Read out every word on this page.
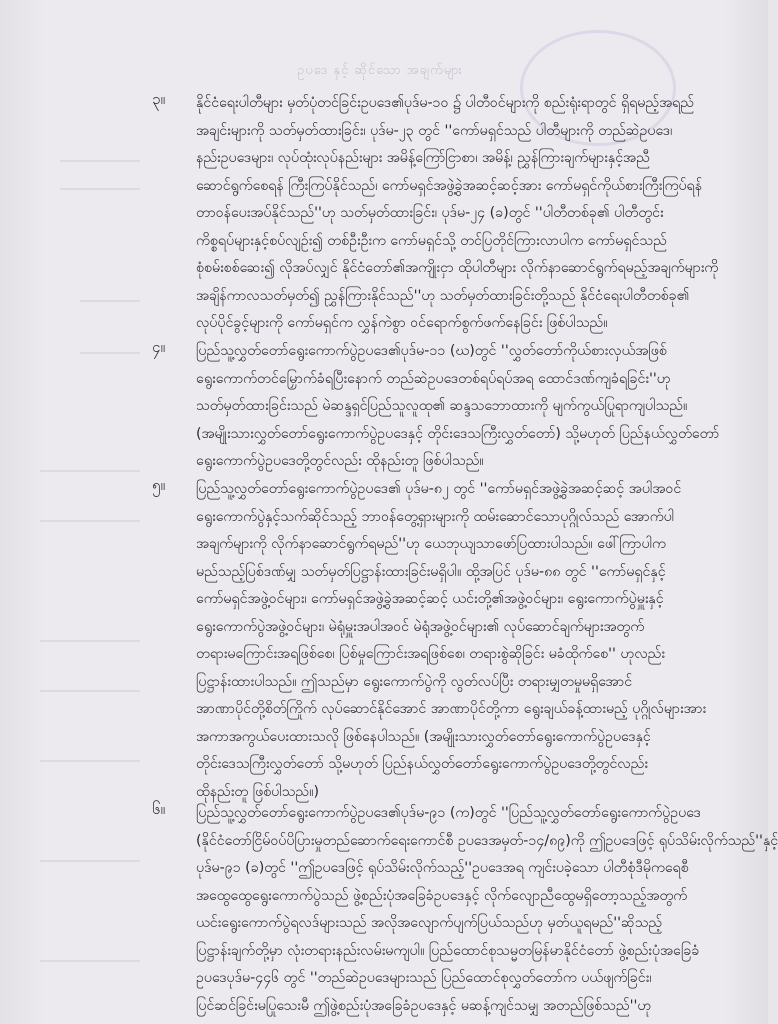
ဥပဒေ နှင့် ဆိုင်သော အချက်များ
၃။ နိုင်ငံရေးပါတီများ မှတ်ပုံတင်ခြင်းဥပဒေ၏ပုဒ်မ-၁၀ ၌ ပါတီဝင်များကို စည်းရုံးရာတွင် ရှိရမည့်အရည်
အချင်းများကို သတ်မှတ်ထားခြင်း၊ ပုဒ်မ-၂၃ တွင် ''ကော်မရှင်သည် ပါတီများကို တည်ဆဲဥပဒေ၊
နည်းဥပဒေများ၊ လုပ်ထုံးလုပ်နည်းများ အမိန့်ကြော်ငြာစာ၊ အမိန့်၊ ညွှန်ကြားချက်များနှင့်အညီ
ဆောင်ရွက်စေရန် ကြီးကြပ်နိုင်သည်၊ ကော်မရှင်အဖွဲ့ခွဲအဆင့်ဆင့်အား ကော်မရှင်ကိုယ်စားကြီးကြပ်ရန်
တာဝန်ပေးအပ်နိုင်သည်''ဟု သတ်မှတ်ထားခြင်း၊ ပုဒ်မ-၂၄ (ခ)တွင် ''ပါတီတစ်ခု၏ ပါတီတွင်း
ကိစ္စရပ်များနှင့်စပ်လျဉ်း၍ တစ်ဦးဦးက ကော်မရှင်သို့ တင်ပြတိုင်ကြားလာပါက ကော်မရှင်သည်
စုံစမ်းစစ်ဆေး၍ လိုအပ်လျှင် နိုင်ငံတော်၏အကျိုးငှာ ထိုပါတီများ လိုက်နာဆောင်ရွက်ရမည့်အချက်များကို
အချိန်ကာလသတ်မှတ်၍ ညွှန်ကြားနိုင်သည်''ဟု သတ်မှတ်ထားခြင်းတို့သည် နိုင်ငံရေးပါတီတစ်ခု၏
လုပ်ပိုင်ခွင့်များကို ကော်မရှင်က လွှန်ကဲစွာ ဝင်ရောက်စွက်ဖက်နေခြင်း ဖြစ်ပါသည်။

၄။ ပြည်သူ့လွှတ်တော်ရွေးကောက်ပွဲဥပဒေ၏ပုဒ်မ-၁၁ (ဃ)တွင် ''လွှတ်တော်ကိုယ်စားလှယ်အဖြစ်
ရွေးကောက်တင်မြှောက်ခံရပြီးနောက် တည်ဆဲဥပဒေတစ်ရပ်ရပ်အရ ထောင်ဒဏ်ကျခံရခြင်း''ဟု
သတ်မှတ်ထားခြင်းသည် မဲဆန္ဒရှင်ပြည်သူလူထု၏ ဆန္ဒသဘောထားကို မျက်ကွယ်ပြုရာကျပါသည်။
(အမျိုးသားလွှတ်တော်ရွေးကောက်ပွဲဥပဒေနှင့် တိုင်းဒေသကြီးလွှတ်တော်) သို့မဟုတ် ပြည်နယ်လွှတ်တော်
ရွေးကောက်ပွဲဥပဒေတို့တွင်လည်း ထိုနည်းတူ ဖြစ်ပါသည်။

၅။ ပြည်သူ့လွှတ်တော်ရွေးကောက်ပွဲဥပဒေ၏ ပုဒ်မ-၈၂ တွင် ''ကော်မရှင်အဖွဲ့ခွဲအဆင့်ဆင့် အပါအဝင်
ရွေးကောက်ပွဲနှင့်သက်ဆိုင်သည့် ဘာဝန်တွေ့ရှားများကို ထမ်းဆောင်သောပုဂ္ဂိုလ်သည် အောက်ပါ
အချက်များကို လိုက်နာဆောင်ရွက်ရမည်''ဟု ယေဘုယျသာဖော်ပြထားပါသည်။ ဖေါ်ကြာပါက
မည်သည့်ပြစ်ဒဏ်မျှ သတ်မှတ်ပြဋ္ဌာန်းထားခြင်းမရှိပါ။ ထို့အပြင် ပုဒ်မ-၈၈ တွင် ''ကော်မရှင်နှင့်
ကော်မရှင်အဖွဲ့ဝင်များ၊ ကော်မရှင်အဖွဲ့ခွဲအဆင့်ဆင့် ယင်းတို့၏အဖွဲ့ဝင်များ၊ ရွေးကောက်ပွဲမှူးနှင့်
ရွေးကောက်ပွဲအဖွဲ့ဝင်များ၊ မဲရုံမှူးအပါအဝင် မဲရုံအဖွဲ့ဝင်များ၏ လုပ်ဆောင်ချက်များအတွက်
တရားမကြောင်းအရဖြစ်စေ၊ ပြစ်မှုကြောင်းအရဖြစ်စေ၊ တရားစွဲဆိုခြင်း မခံထိုက်စေ'' ဟုလည်း
ပြဋ္ဌာန်းထားပါသည်။ ဤသည်မှာ ရွေးကောက်ပွဲကို လွတ်လပ်ပြီး တရားမျှတမှုမရှိအောင်
အာဏာပိုင်တို့စိတ်ကြိုက် လုပ်ဆောင်နိုင်အောင် အာဏာပိုင်တို့ကာ ရွေးချယ်ခန့်ထားမည့် ပုဂ္ဂိုလ်များအား
အကာအကွယ်ပေးထားသလို ဖြစ်နေပါသည်။ (အမျိုးသားလွှတ်တော်ရွေးကောက်ပွဲဥပဒေနှင့်
တိုင်းဒေသကြီးလွှတ်တော် သို့မဟုတ် ပြည်နယ်လွှတ်တော်ရွေးကောက်ပွဲဥပဒေတို့တွင်လည်း
ထိုနည်းတူ ဖြစ်ပါသည်။)

၆။ ပြည်သူ့လွှတ်တော်ရွေးကောက်ပွဲဥပဒေ၏ပုဒ်မ-၉၁ (က)တွင် ''ပြည်သူ့လွှတ်တော်ရွေးကောက်ပွဲဥပဒေ
(နိုင်ငံတော်ငြိမ်ဝပ်ပိပြားမှုတည်ဆောက်ရေးကောင်စီ ဥပဒေအမှတ်-၁၄/၈၉)ကို ဤဥပဒေဖြင့် ရုပ်သိမ်းလိုက်သည်''နှင့်
ပုဒ်မ-၉၁ (ခ)တွင် ''ဤဥပဒေဖြင့် ရုပ်သိမ်းလိုက်သည့်''ဥပဒေအရ ကျင်းပခဲ့သော ပါတီစုံဒီမိုကရေစီ
အထွေထွေရွေးကောက်ပွဲသည် ဖွဲ့စည်းပုံအခြေခံဥပဒေနှင့် လိုက်လျောညီထွေမရှိတော့သည့်အတွက်
ယင်းရွေးကောက်ပွဲရလဒ်များသည် အလိုအလျောက်ပျက်ပြယ်သည်ဟု မှတ်ယူရမည်''ဆိုသည့်
ပြဋ္ဌာန်းချက်တို့မှာ လုံးတရားနည်းလမ်းမကျပါ။ ပြည်ထောင်စုသမ္မတမြန်မာနိုင်ငံတော် ဖွဲ့စည်းပုံအခြေခံ
ဥပဒေပုဒ်မ-၄၄၆ တွင် ''တည်ဆဲဥပဒေများသည် ပြည်ထောင်စုလွှတ်တော်က ပယ်ဖျက်ခြင်း၊
ပြင်ဆင်ခြင်းမပြုသေးမီ ဤဖွဲ့စည်းပုံအခြေခံဥပဒေနှင့် မဆန့်ကျင်သမျှ အတည်ဖြစ်သည်''ဟု
